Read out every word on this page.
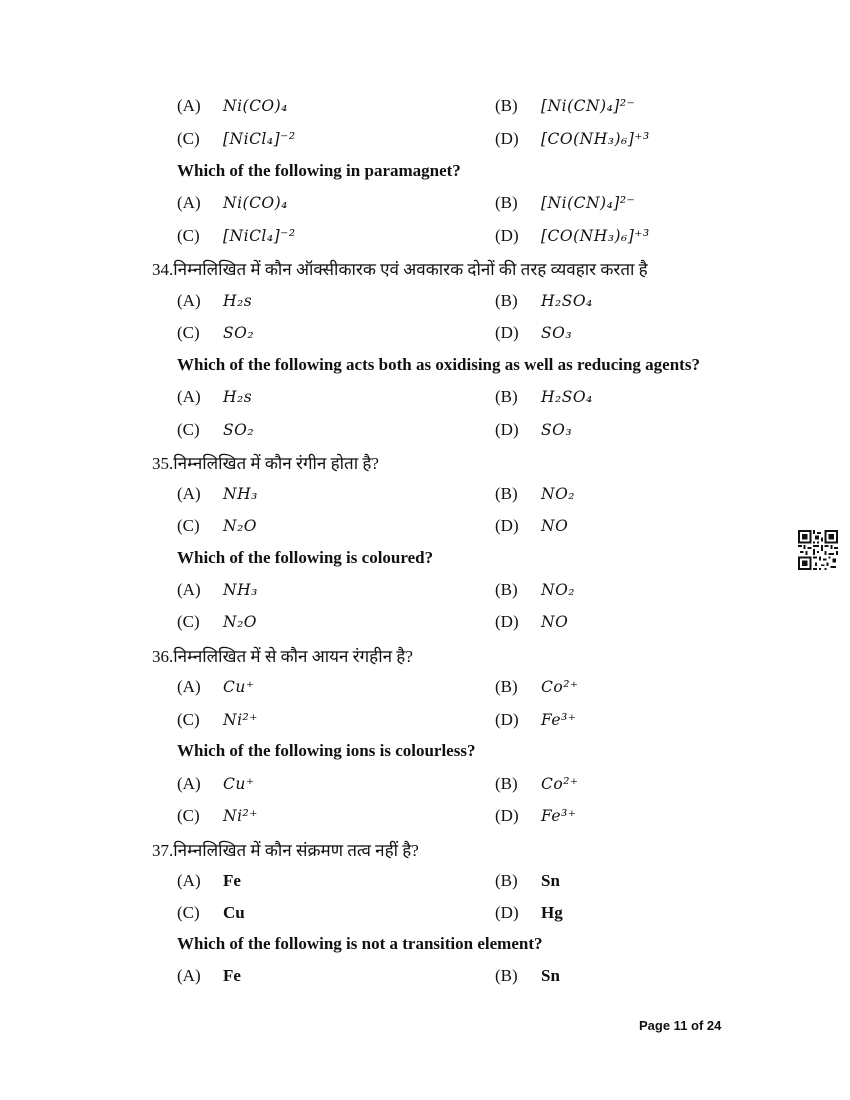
(A)	Ni(CO)₄	(B)	[Ni(CN)₄]²⁻
(C)	[NiCl₄]⁻²	(D)	[CO(NH₃)₆]⁺³
Which of the following in paramagnet?
(A)	Ni(CO)₄	(B)	[Ni(CN)₄]²⁻
(C)	[NiCl₄]⁻²	(D)	[CO(NH₃)₆]⁺³
34.निम्नलिखित में कौन ऑक्सीकारक एवं अवकारक दोनों की तरह व्यवहार करता है
(A)	H₂s	(B)	H₂SO₄
(C)	SO₂	(D)	SO₃
Which of the following acts both as oxidising as well as reducing agents?
(A)	H₂s	(B)	H₂SO₄
(C)	SO₂	(D)	SO₃
35.निम्नलिखित में कौन रंगीन होता है?
(A)	NH₃	(B)	NO₂
(C)	N₂O	(D)	NO
Which of the following is coloured?
(A)	NH₃	(B)	NO₂
(C)	N₂O	(D)	NO
36.निम्नलिखित में से कौन आयन रंगहीन है?
(A)	Cu⁺	(B)	Co²⁺
(C)	Ni²⁺	(D)	Fe³⁺
Which of the following ions is colourless?
(A)	Cu⁺	(B)	Co²⁺
(C)	Ni²⁺	(D)	Fe³⁺
37.निम्नलिखित में कौन संक्रमण तत्व नहीं है?
(A)	Fe	(B)	Sn
(C)	Cu	(D)	Hg
Which of the following is not a transition element?
(A)	Fe	(B)	Sn
Page 11 of 24
